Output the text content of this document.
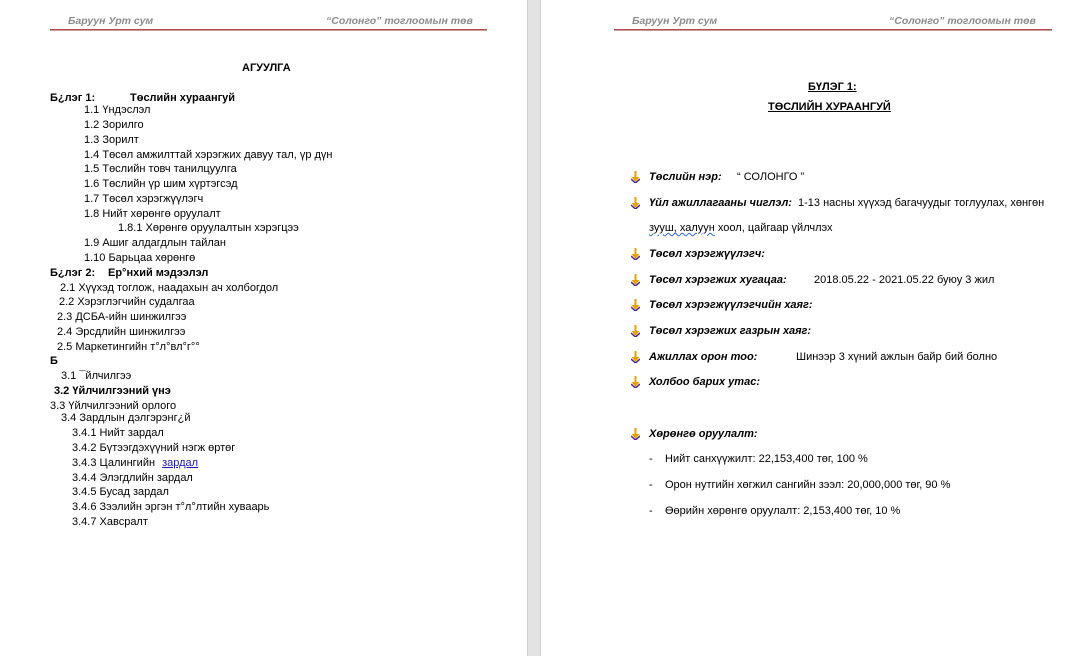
Баруун Урт сум	“Солонго” тоглоомын төв
АГУУЛГА
Б¿лэг 1:	Төслийн хураангуй
1.1 Үндэслэл
1.2 Зорилго
1.3 Зорилт
1.4 Төсөл амжилттай хэрэгжих давуу тал, үр дүн
1.5 Төслийн товч танилцуулга
1.6 Төслийн үр шим хүртэгсэд
1.7 Төсөл хэрэгжүүлэгч
1.8 Нийт хөрөнгө оруулалт
1.8.1 Хөрөнгө оруулалтын хэрэгцээ
1.9 Ашиг алдагдлын тайлан
1.10 Барьцаа хөрөнгө
Б¿лэг 2: Ер°нхий мэдээлэл
2.1 Хүүхэд тоглож, наадахын ач холбогдол
2.2 Хэрэглэгчийн судалгаа
2.3 ДСБА-ийн шинжилгээ
2.4 Эрсдлийн шинжилгээ
2.5 Маркетингийн т°л°вл°г°°
Б
3.1 ¯йлчилгээ
3.2 Үйлчилгээний үнэ
3.3 Үйлчилгээний орлого
3.4 Зардлын дэлгэрэнг¿й
3.4.1 Нийт зардал
3.4.2 Бүтээгдэхүүний нэгж өртөг
3.4.3 Цалингийн зардал
3.4.4 Элэгдлийн зардал
3.4.5 Бусад зардал
3.4.6 Зээлийн эргэн т°л°лтийн хуваарь
3.4.7 Хавсралт
Баруун Урт сум	“Солонго” тоглоомын төв
БҮЛЭГ 1:
ТӨСЛИЙН ХУРААНГУЙ
Төслийн нэр: “ СОЛОНГО ”
Үйл ажиллагааны чиглэл: 1-13 насны хүүхэд багачуудыг тоглуулах, хөнгөн
зууш, халуун хоол, цайгаар үйлчлэх
Төсөл хэрэгжүүлэгч:
Төсөл хэрэгжих хугацаа: 2018.05.22 - 2021.05.22 буюу 3 жил
Төсөл хэрэгжүүлэгчийн хаяг:
Төсөл хэрэгжих газрын хаяг:
Ажиллах орон тоо:	Шинээр 3 хүний ажлын байр бий болно
Холбоо барих утас:
Хөрөнгө оруулалт:
- Нийт санхүүжилт: 22,153,400 төг, 100 %
- Орон нутгийн хөгжил сангийн зээл: 20,000,000 төг, 90 %
- Өөрийн хөрөнгө оруулалт: 2,153,400 төг, 10 %
